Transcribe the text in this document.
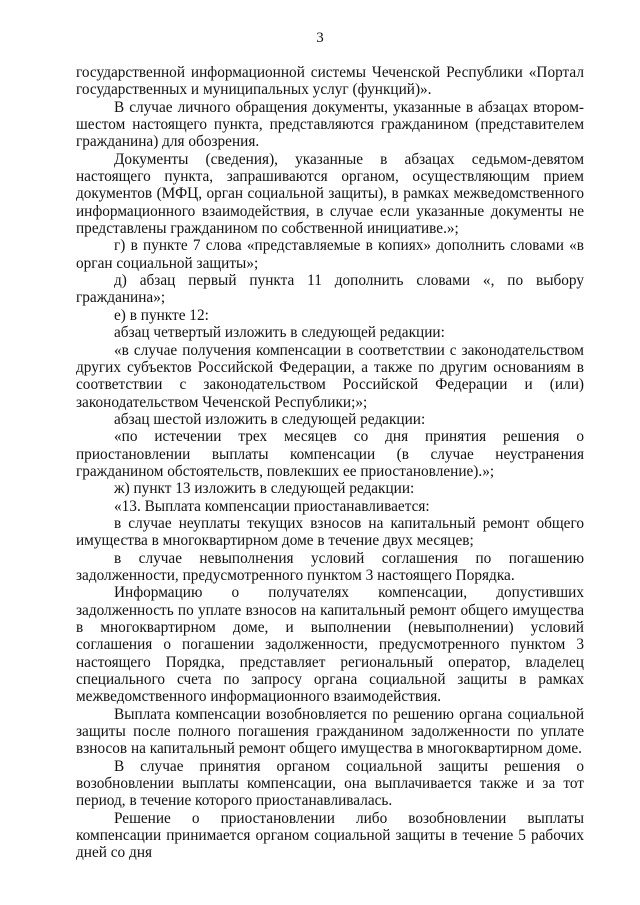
3

государственной информационной системы Чеченской Республики «Портал государственных и муниципальных услуг (функций)».

В случае личного обращения документы, указанные в абзацах втором-шестом настоящего пункта, представляются гражданином (представителем гражданина) для обозрения.

Документы (сведения), указанные в абзацах седьмом-девятом настоящего пункта, запрашиваются органом, осуществляющим прием документов (МФЦ, орган социальной защиты), в рамках межведомственного информационного взаимодействия, в случае если указанные документы не представлены гражданином по собственной инициативе.»;

г) в пункте 7 слова «представляемые в копиях» дополнить словами «в орган социальной защиты»;

д) абзац первый пункта 11 дополнить словами «, по выбору гражданина»;

е) в пункте 12:

абзац четвертый изложить в следующей редакции:

«в случае получения компенсации в соответствии с законодательством других субъектов Российской Федерации, а также по другим основаниям в соответствии с законодательством Российской Федерации и (или) законодательством Чеченской Республики;»;

абзац шестой изложить в следующей редакции:

«по истечении трех месяцев со дня принятия решения о приостановлении выплаты компенсации (в случае неустранения гражданином обстоятельств, повлекших ее приостановление).»;

ж) пункт 13 изложить в следующей редакции:

«13. Выплата компенсации приостанавливается:

в случае неуплаты текущих взносов на капитальный ремонт общего имущества в многоквартирном доме в течение двух месяцев;

в случае невыполнения условий соглашения по погашению задолженности, предусмотренного пунктом 3 настоящего Порядка.

Информацию о получателях компенсации, допустивших задолженность по уплате взносов на капитальный ремонт общего имущества в многоквартирном доме, и выполнении (невыполнении) условий соглашения о погашении задолженности, предусмотренного пунктом 3 настоящего Порядка, представляет региональный оператор, владелец специального счета по запросу органа социальной защиты в рамках межведомственного информационного взаимодействия.

Выплата компенсации возобновляется по решению органа социальной защиты после полного погашения гражданином задолженности по уплате взносов на капитальный ремонт общего имущества в многоквартирном доме.

В случае принятия органом социальной защиты решения о возобновлении выплаты компенсации, она выплачивается также и за тот период, в течение которого приостанавливалась.

Решение о приостановлении либо возобновлении выплаты компенсации принимается органом социальной защиты в течение 5 рабочих дней со дня
